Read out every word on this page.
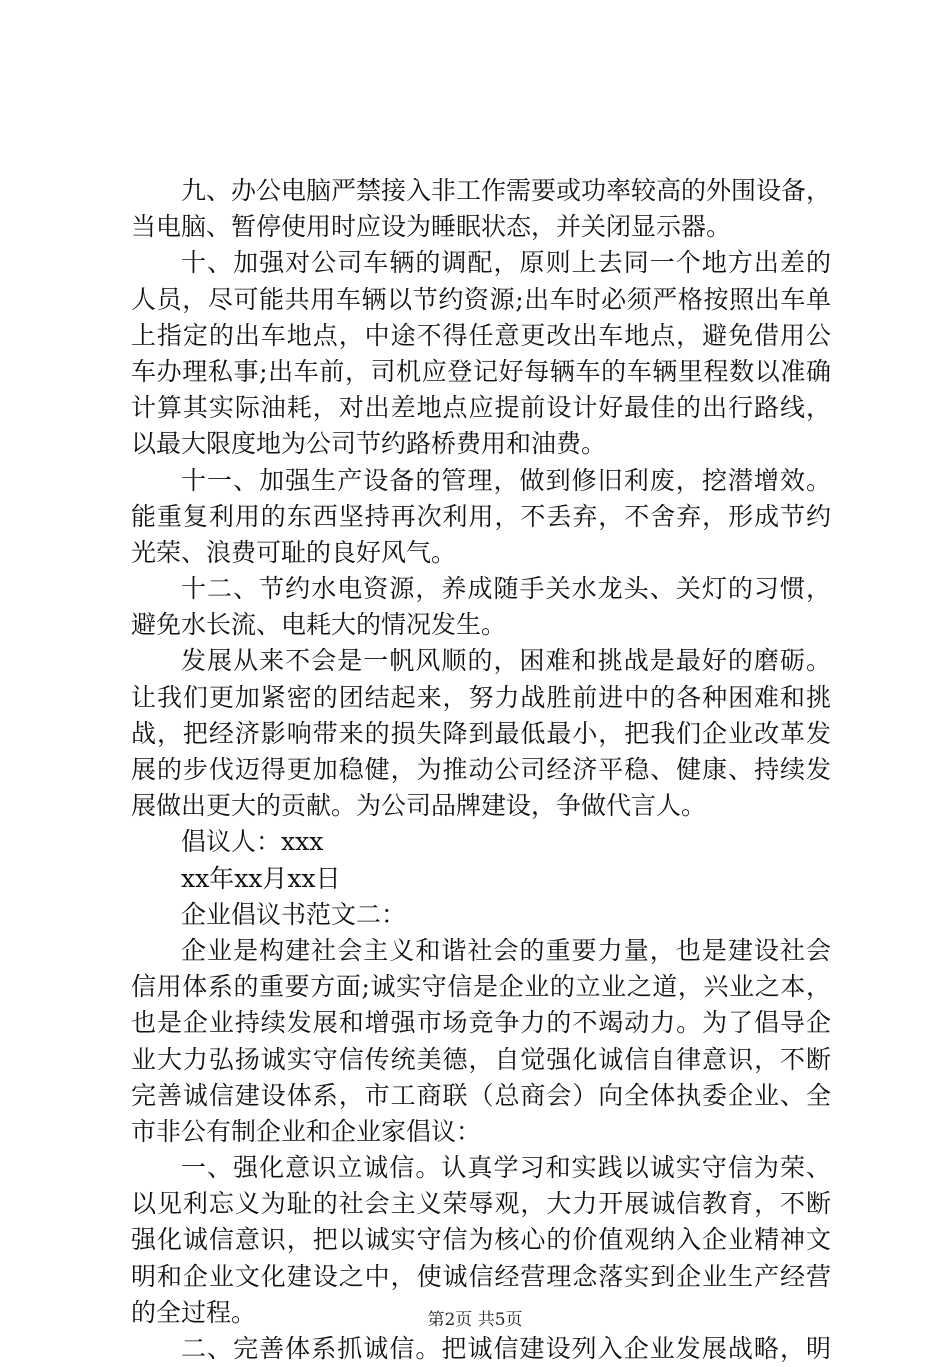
九、办公电脑严禁接入非工作需要或功率较高的外围设备，
当电脑、暂停使用时应设为睡眠状态，并关闭显示器。
十、加强对公司车辆的调配，原则上去同一个地方出差的
人员，尽可能共用车辆以节约资源;出车时必须严格按照出车单
上指定的出车地点，中途不得任意更改出车地点，避免借用公
车办理私事;出车前，司机应登记好每辆车的车辆里程数以准确
计算其实际油耗，对出差地点应提前设计好最佳的出行路线，
以最大限度地为公司节约路桥费用和油费。
十一、加强生产设备的管理，做到修旧利废，挖潜增效。
能重复利用的东西坚持再次利用，不丢弃，不舍弃，形成节约
光荣、浪费可耻的良好风气。
十二、节约水电资源，养成随手关水龙头、关灯的习惯，
避免水长流、电耗大的情况发生。
发展从来不会是一帆风顺的，困难和挑战是最好的磨砺。
让我们更加紧密的团结起来，努力战胜前进中的各种困难和挑
战，把经济影响带来的损失降到最低最小，把我们企业改革发
展的步伐迈得更加稳健，为推动公司经济平稳、健康、持续发
展做出更大的贡献。为公司品牌建设，争做代言人。
倡议人：xxx
xx年xx月xx日
企业倡议书范文二：
企业是构建社会主义和谐社会的重要力量，也是建设社会
信用体系的重要方面;诚实守信是企业的立业之道，兴业之本，
也是企业持续发展和增强市场竞争力的不竭动力。为了倡导企
业大力弘扬诚实守信传统美德，自觉强化诚信自律意识，不断
完善诚信建设体系，市工商联（总商会）向全体执委企业、全
市非公有制企业和企业家倡议：
一、强化意识立诚信。认真学习和实践以诚实守信为荣、
以见利忘义为耻的社会主义荣辱观，大力开展诚信教育，不断
强化诚信意识，把以诚实守信为核心的价值观纳入企业精神文
明和企业文化建设之中，使诚信经营理念落实到企业生产经营
的全过程。
二、完善体系抓诚信。把诚信建设列入企业发展战略，明
第2页 共5页
